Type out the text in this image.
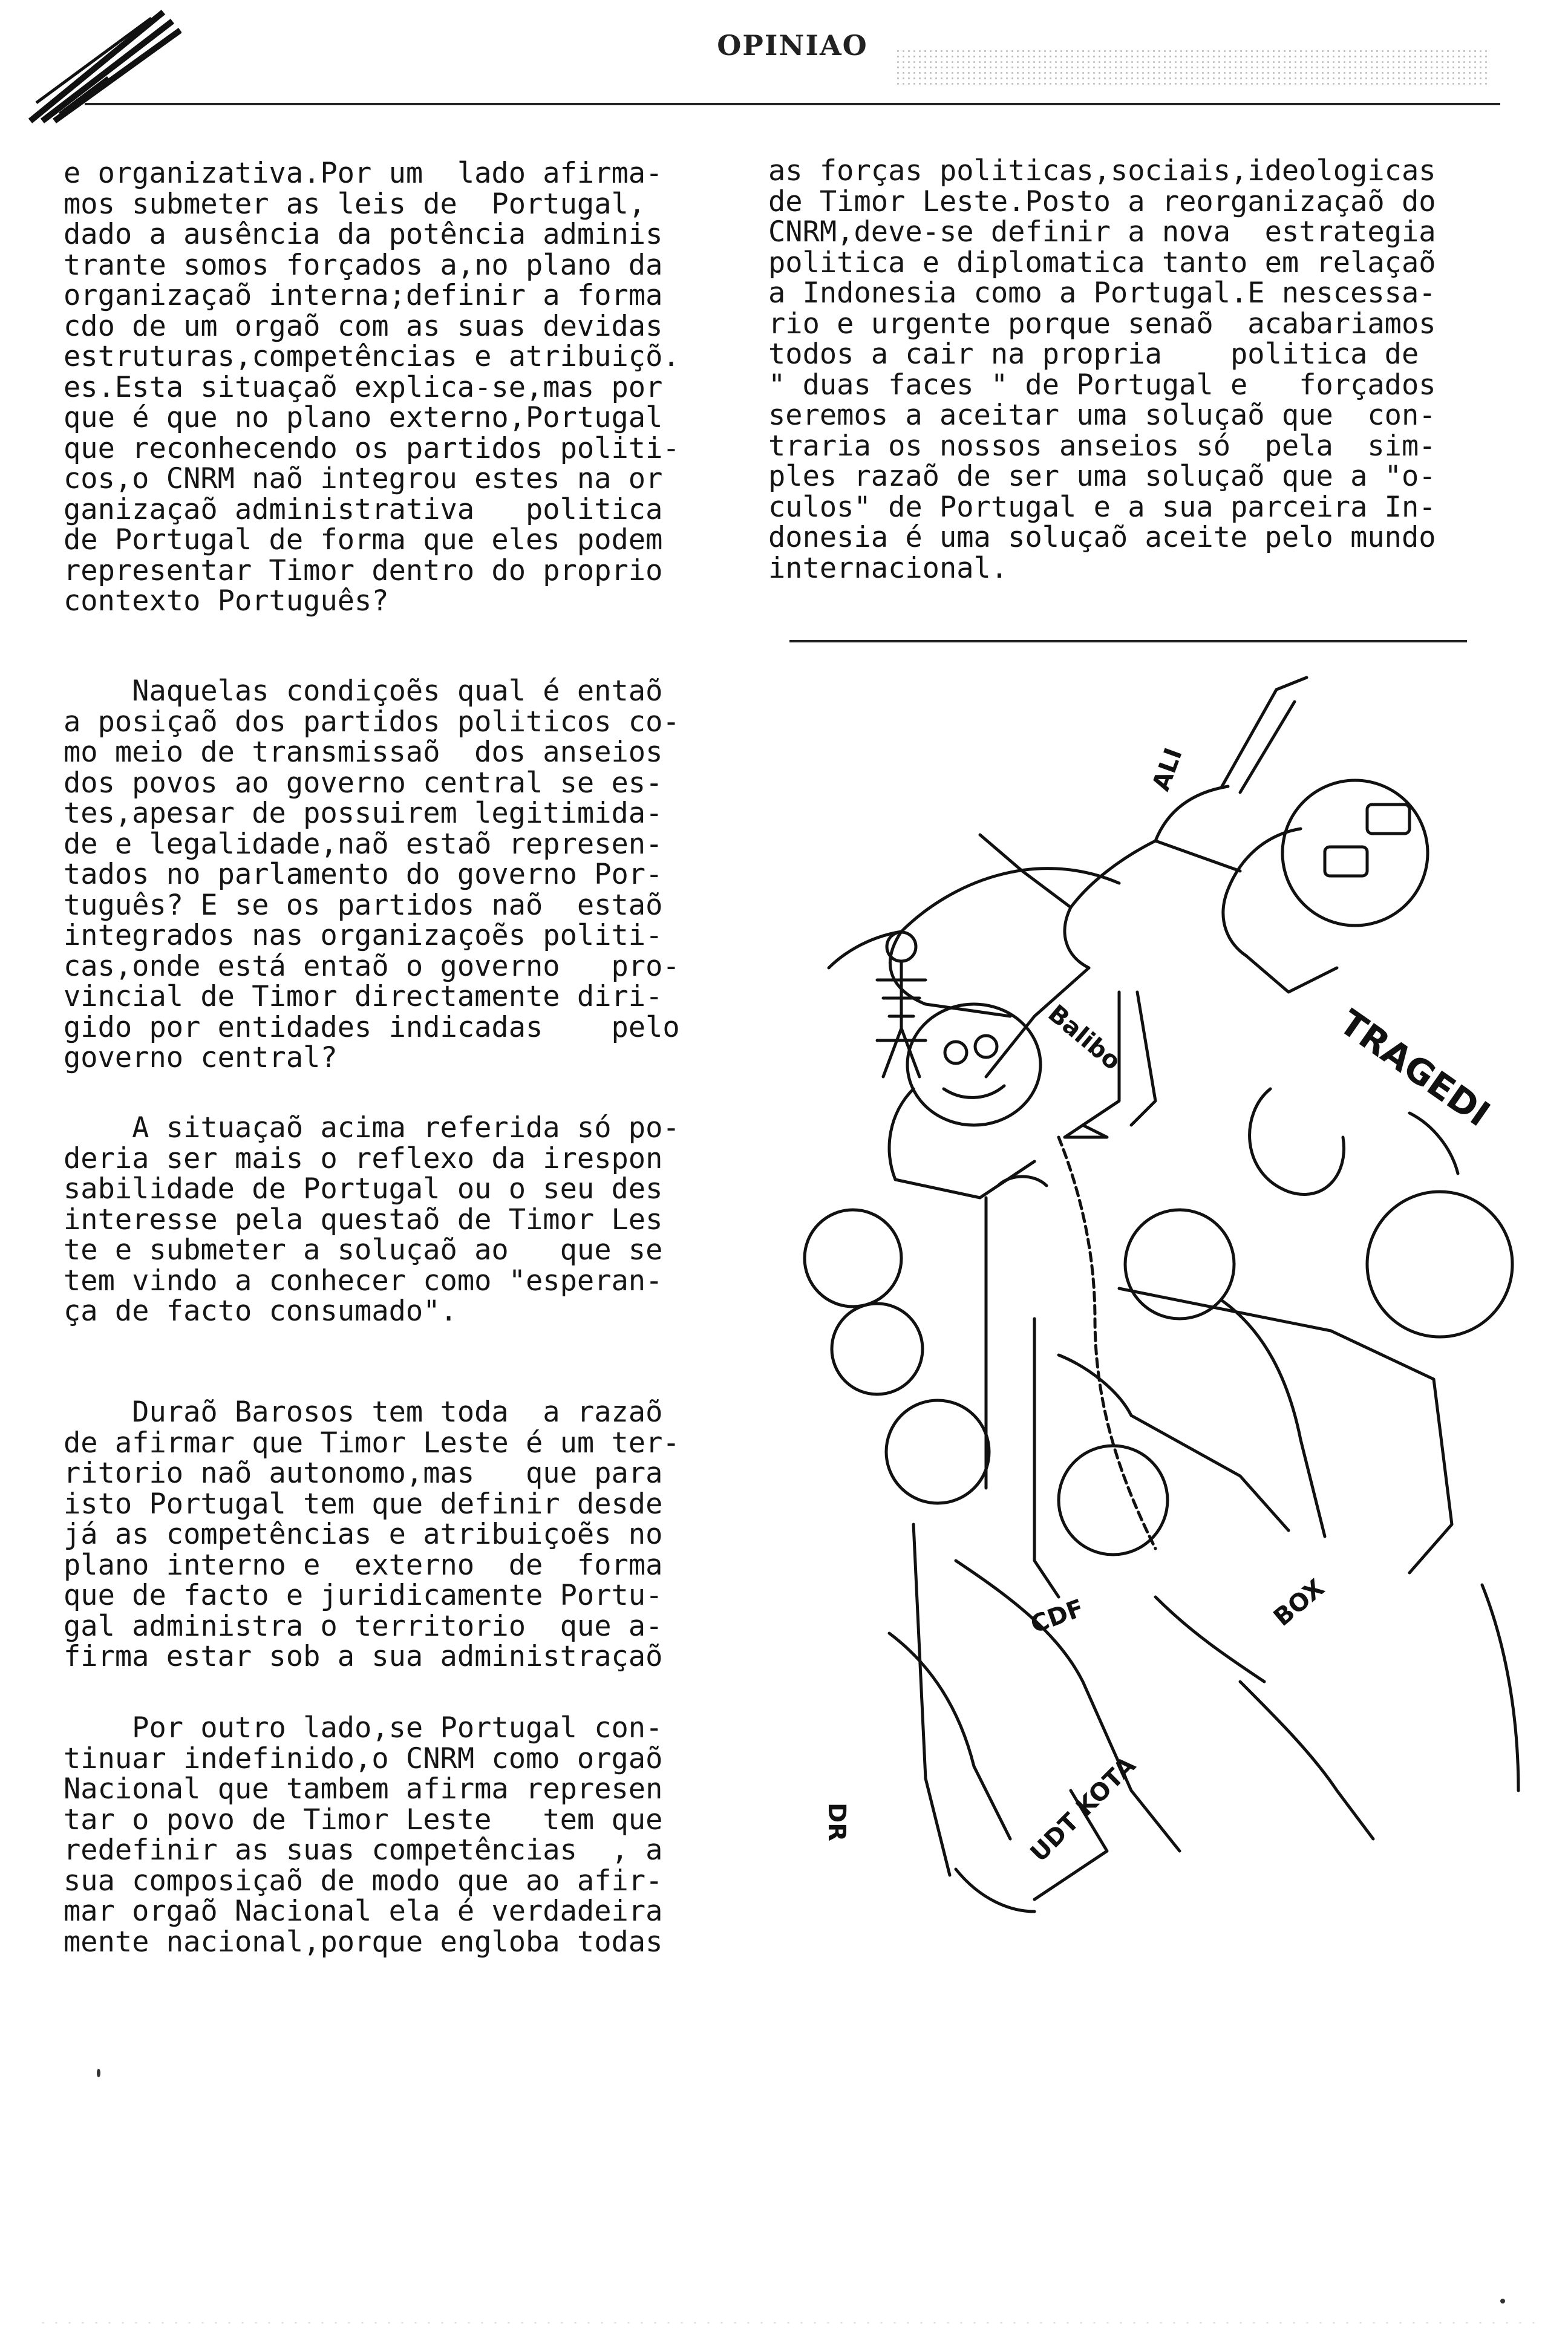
OPINIAO

e organizativa.Por um  lado afirma-
mos submeter as leis de  Portugal,
dado a ausência da potência adminis
trante somos forçados a,no plano da
organizaçaõ interna;definir a forma
cdo de um orgaõ com as suas devidas
estruturas,competências e atribuiçõ.
es.Esta situaçaõ explica-se,mas por
que é que no plano externo,Portugal
que reconhecendo os partidos politi-
cos,o CNRM naõ integrou estes na or
ganizaçaõ administrativa   politica
de Portugal de forma que eles podem
representar Timor dentro do proprio
contexto Português?

Naquelas condiçoẽs qual é entaõ
a posiçaõ dos partidos politicos co-
mo meio de transmissaõ  dos anseios
dos povos ao governo central se es-
tes,apesar de possuirem legitimida-
de e legalidade,naõ estaõ represen-
tados no parlamento do governo Por-
tuguês? E se os partidos naõ  estaõ
integrados nas organizaçoẽs politi-
cas,onde está entaõ o governo   pro-
vincial de Timor directamente diri-
gido por entidades indicadas    pelo
governo central?

A situaçaõ acima referida só po-
deria ser mais o reflexo da irespon
sabilidade de Portugal ou o seu des
interesse pela questaõ de Timor Les
te e submeter a soluçaõ ao   que se
tem vindo a conhecer como "esperan-
ça de facto consumado".

Duraõ Barosos tem toda  a razaõ
de afirmar que Timor Leste é um ter-
ritorio naõ autonomo,mas   que para
isto Portugal tem que definir desde
já as competências e atribuiçoẽs no
plano interno e  externo  de  forma
que de facto e juridicamente Portu-
gal administra o territorio  que a-
firma estar sob a sua administraçaõ

Por outro lado,se Portugal con-
tinuar indefinido,o CNRM como orgaõ
Nacional que tambem afirma represen
tar o povo de Timor Leste   tem que
redefinir as suas competências  , a
sua composiçaõ de modo que ao afir-
mar orgaõ Nacional ela é verdadeira
mente nacional,porque engloba todas

as forças politicas,sociais,ideologicas
de Timor Leste.Posto a reorganizaçaõ do
CNRM,deve-se definir a nova  estrategia
politica e diplomatica tanto em relaçaõ
a Indonesia como a Portugal.E nescessa-
rio e urgente porque senaõ  acabariamos
todos a cair na propria    politica de
" duas faces " de Portugal e   forçados
seremos a aceitar uma soluçaõ que  con-
traria os nossos anseios só  pela  sim-
ples razaõ de ser uma soluçaõ que a "o-
culos" de Portugal e a sua parceira In-
donesia é uma soluçaõ aceite pelo mundo
internacional.

TRAGEDI
Balibo
ALI
CDF
UDT KOTA
DR
BOX
